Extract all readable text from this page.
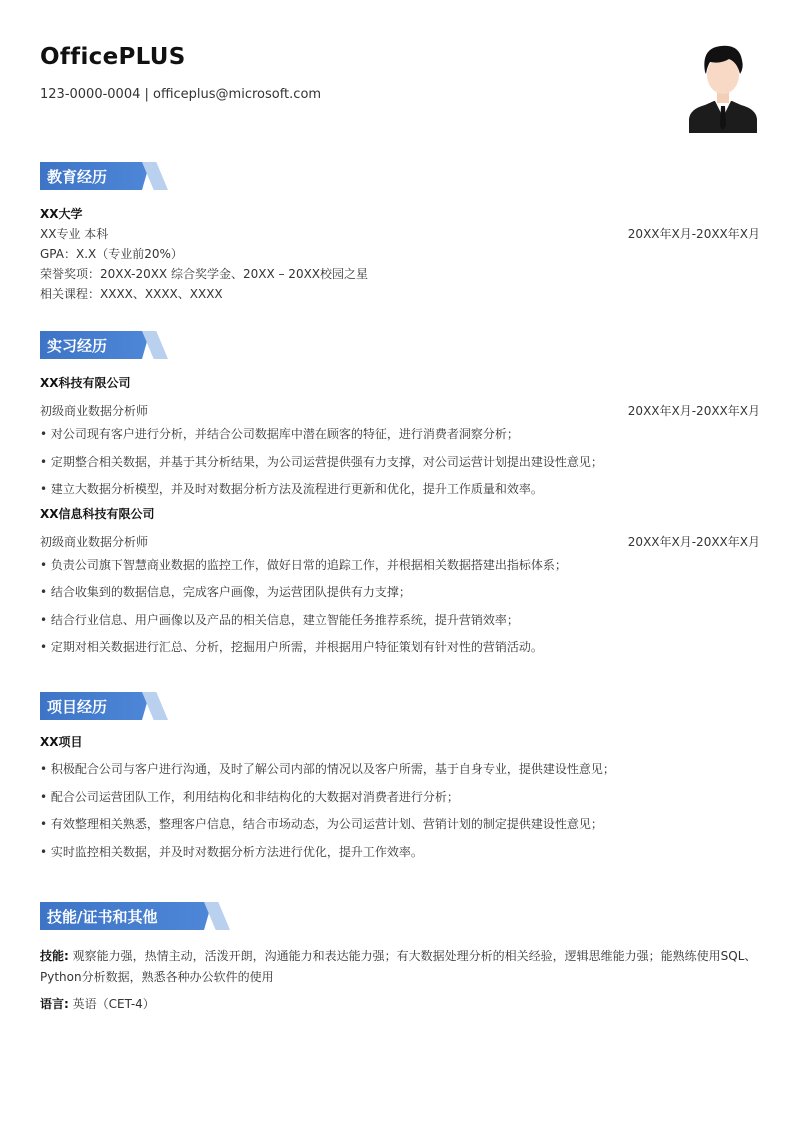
OfficePLUS
123-0000-0004 | officeplus@microsoft.com
教育经历
XX大学
XX专业 本科	20XX年X月-20XX年X月
GPA：X.X（专业前20%）
荣誉奖项：20XX-20XX 综合奖学金、20XX – 20XX校园之星
相关课程：XXXX、XXXX、XXXX
实习经历
XX科技有限公司
初级商业数据分析师	20XX年X月-20XX年X月
• 对公司现有客户进行分析，并结合公司数据库中潜在顾客的特征，进行消费者洞察分析；
• 定期整合相关数据，并基于其分析结果，为公司运营提供强有力支撑，对公司运营计划提出建设性意见；
• 建立大数据分析模型，并及时对数据分析方法及流程进行更新和优化，提升工作质量和效率。
XX信息科技有限公司
初级商业数据分析师	20XX年X月-20XX年X月
• 负责公司旗下智慧商业数据的监控工作，做好日常的追踪工作，并根据相关数据搭建出指标体系；
• 结合收集到的数据信息，完成客户画像，为运营团队提供有力支撑；
• 结合行业信息、用户画像以及产品的相关信息，建立智能任务推荐系统，提升营销效率；
• 定期对相关数据进行汇总、分析，挖掘用户所需，并根据用户特征策划有针对性的营销活动。
项目经历
XX项目
• 积极配合公司与客户进行沟通，及时了解公司内部的情况以及客户所需，基于自身专业，提供建设性意见；
• 配合公司运营团队工作，利用结构化和非结构化的大数据对消费者进行分析；
• 有效整理相关熟悉，整理客户信息，结合市场动态，为公司运营计划、营销计划的制定提供建设性意见；
• 实时监控相关数据，并及时对数据分析方法进行优化，提升工作效率。
技能/证书和其他
技能: 观察能力强，热情主动，活泼开朗，沟通能力和表达能力强；有大数据处理分析的相关经验，逻辑思维能力强；能熟练使用SQL、Python分析数据，熟悉各种办公软件的使用
语言: 英语（CET-4）
